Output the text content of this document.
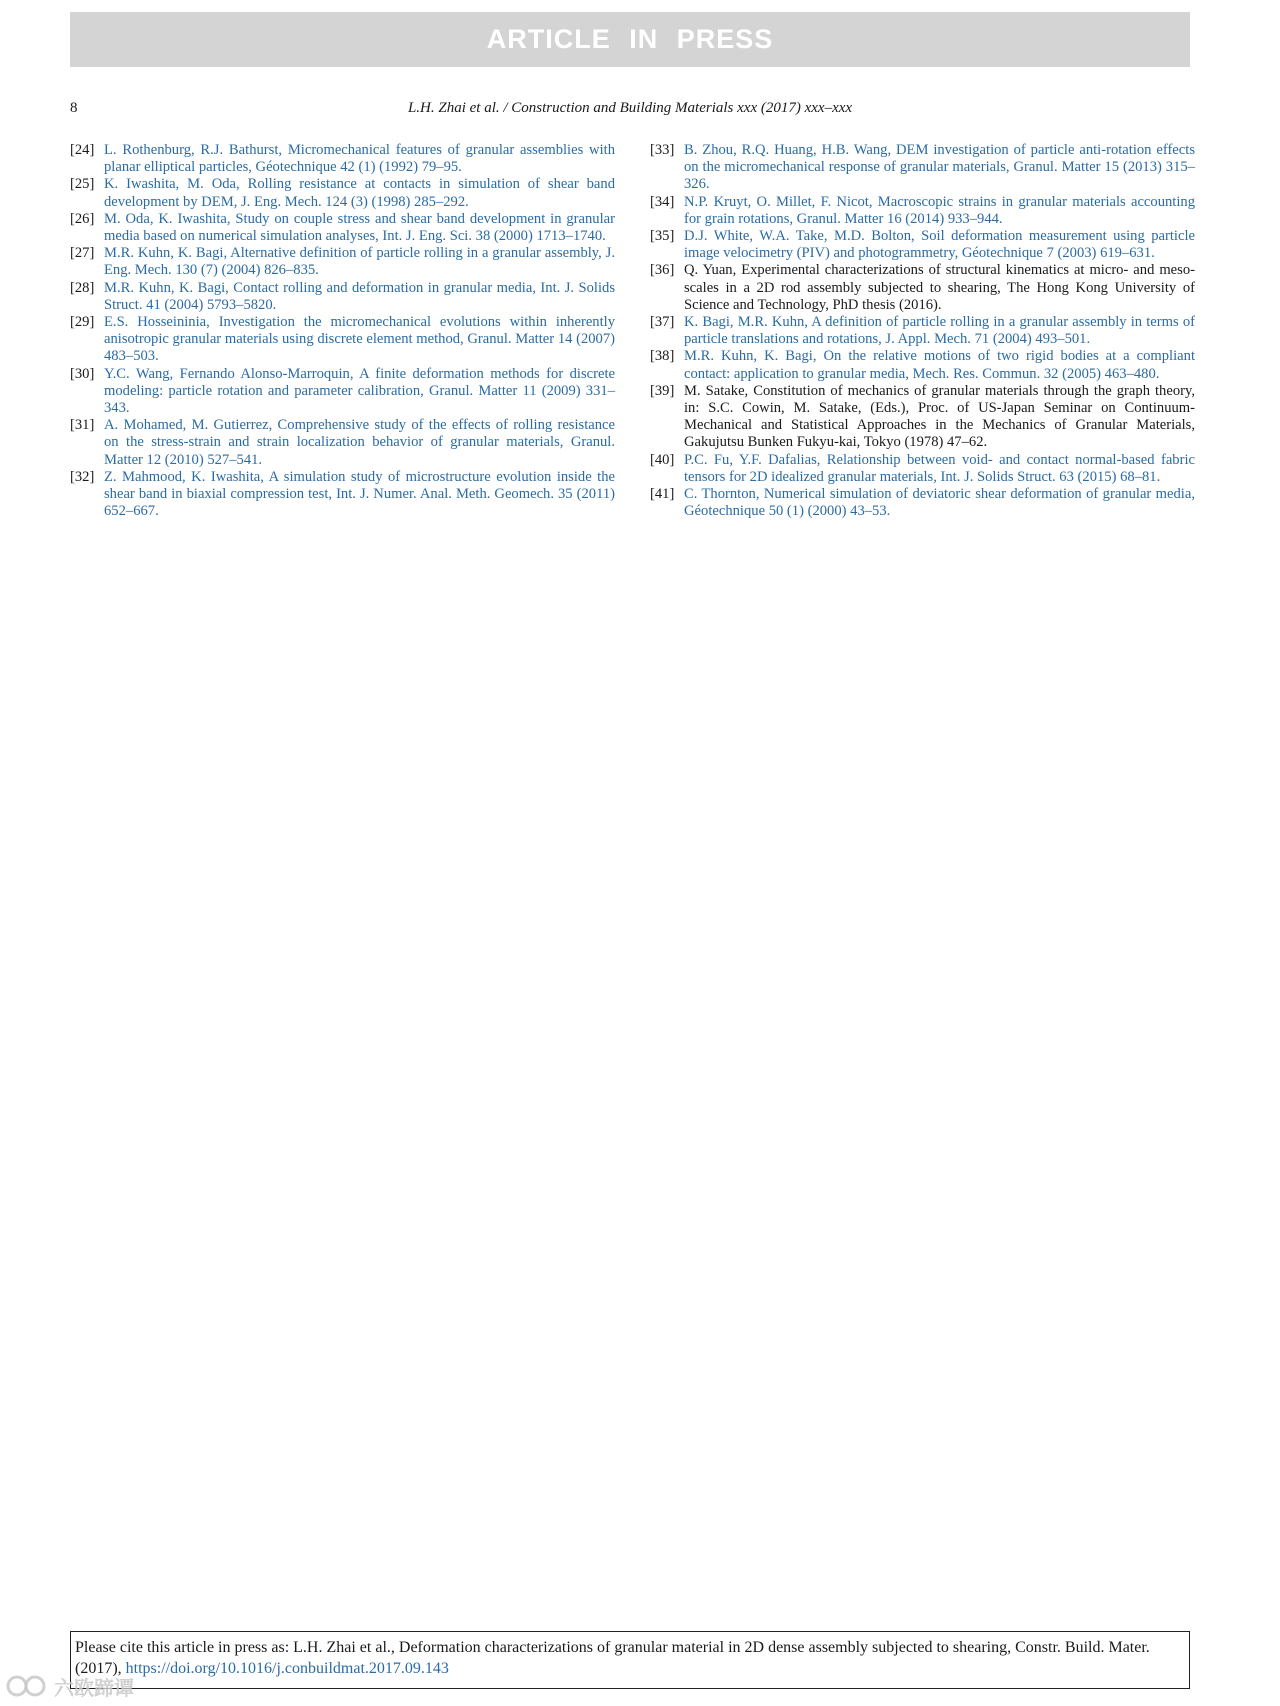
ARTICLE IN PRESS
8	L.H. Zhai et al. / Construction and Building Materials xxx (2017) xxx–xxx
[24] L. Rothenburg, R.J. Bathurst, Micromechanical features of granular assemblies with planar elliptical particles, Géotechnique 42 (1) (1992) 79–95.
[25] K. Iwashita, M. Oda, Rolling resistance at contacts in simulation of shear band development by DEM, J. Eng. Mech. 124 (3) (1998) 285–292.
[26] M. Oda, K. Iwashita, Study on couple stress and shear band development in granular media based on numerical simulation analyses, Int. J. Eng. Sci. 38 (2000) 1713–1740.
[27] M.R. Kuhn, K. Bagi, Alternative definition of particle rolling in a granular assembly, J. Eng. Mech. 130 (7) (2004) 826–835.
[28] M.R. Kuhn, K. Bagi, Contact rolling and deformation in granular media, Int. J. Solids Struct. 41 (2004) 5793–5820.
[29] E.S. Hosseininia, Investigation the micromechanical evolutions within inherently anisotropic granular materials using discrete element method, Granul. Matter 14 (2007) 483–503.
[30] Y.C. Wang, Fernando Alonso-Marroquin, A finite deformation methods for discrete modeling: particle rotation and parameter calibration, Granul. Matter 11 (2009) 331–343.
[31] A. Mohamed, M. Gutierrez, Comprehensive study of the effects of rolling resistance on the stress-strain and strain localization behavior of granular materials, Granul. Matter 12 (2010) 527–541.
[32] Z. Mahmood, K. Iwashita, A simulation study of microstructure evolution inside the shear band in biaxial compression test, Int. J. Numer. Anal. Meth. Geomech. 35 (2011) 652–667.
[33] B. Zhou, R.Q. Huang, H.B. Wang, DEM investigation of particle anti-rotation effects on the micromechanical response of granular materials, Granul. Matter 15 (2013) 315–326.
[34] N.P. Kruyt, O. Millet, F. Nicot, Macroscopic strains in granular materials accounting for grain rotations, Granul. Matter 16 (2014) 933–944.
[35] D.J. White, W.A. Take, M.D. Bolton, Soil deformation measurement using particle image velocimetry (PIV) and photogrammetry, Géotechnique 7 (2003) 619–631.
[36] Q. Yuan, Experimental characterizations of structural kinematics at micro- and meso-scales in a 2D rod assembly subjected to shearing, The Hong Kong University of Science and Technology, PhD thesis (2016).
[37] K. Bagi, M.R. Kuhn, A definition of particle rolling in a granular assembly in terms of particle translations and rotations, J. Appl. Mech. 71 (2004) 493–501.
[38] M.R. Kuhn, K. Bagi, On the relative motions of two rigid bodies at a compliant contact: application to granular media, Mech. Res. Commun. 32 (2005) 463–480.
[39] M. Satake, Constitution of mechanics of granular materials through the graph theory, in: S.C. Cowin, M. Satake, (Eds.), Proc. of US-Japan Seminar on Continuum-Mechanical and Statistical Approaches in the Mechanics of Granular Materials, Gakujutsu Bunken Fukyu-kai, Tokyo (1978) 47–62.
[40] P.C. Fu, Y.F. Dafalias, Relationship between void- and contact normal-based fabric tensors for 2D idealized granular materials, Int. J. Solids Struct. 63 (2015) 68–81.
[41] C. Thornton, Numerical simulation of deviatoric shear deformation of granular media, Géotechnique 50 (1) (2000) 43–53.
Please cite this article in press as: L.H. Zhai et al., Deformation characterizations of granular material in 2D dense assembly subjected to shearing, Constr. Build. Mater. (2017), https://doi.org/10.1016/j.conbuildmat.2017.09.143
六欧蹄谭
